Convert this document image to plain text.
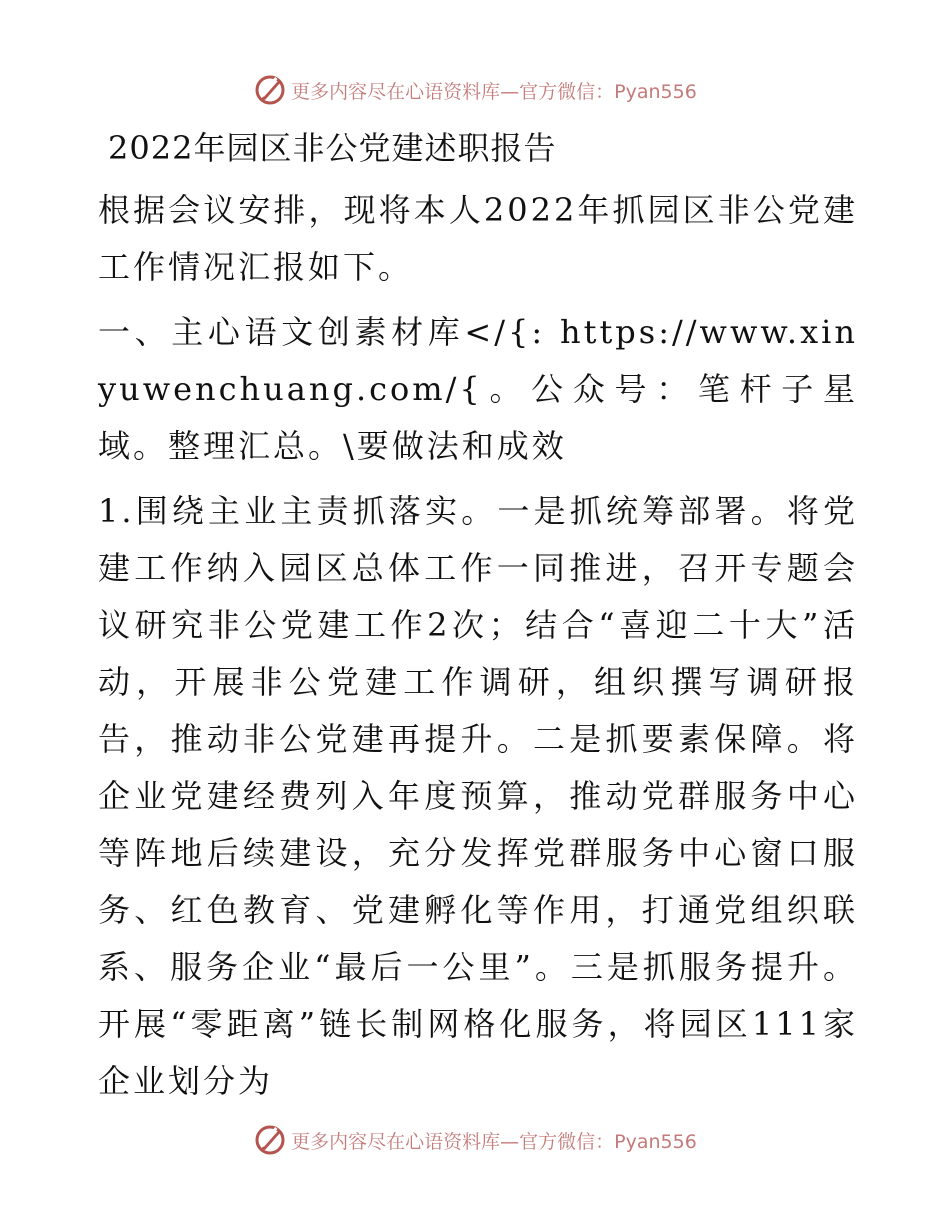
更多内容尽在心语资料库—官方微信：Pyan556
2022年园区非公党建述职报告

根据会议安排，现将本人2022年抓园区非公党建工作情况汇报如下。

一、主心语文创素材库</{: https://www.xinyuwenchuang.com/{。公众号：笔杆子星域。整理汇总。\要做法和成效

1.围绕主业主责抓落实。一是抓统筹部署。将党建工作纳入园区总体工作一同推进，召开专题会议研究非公党建工作2次；结合“喜迎二十大”活动，开展非公党建工作调研，组织撰写调研报告，推动非公党建再提升。二是抓要素保障。将企业党建经费列入年度预算，推动党群服务中心等阵地后续建设，充分发挥党群服务中心窗口服务、红色教育、党建孵化等作用，打通党组织联系、服务企业“最后一公里”。三是抓服务提升。开展“零距离”链长制网格化服务，将园区111家企业划分为

更多内容尽在心语资料库—官方微信：Pyan556
